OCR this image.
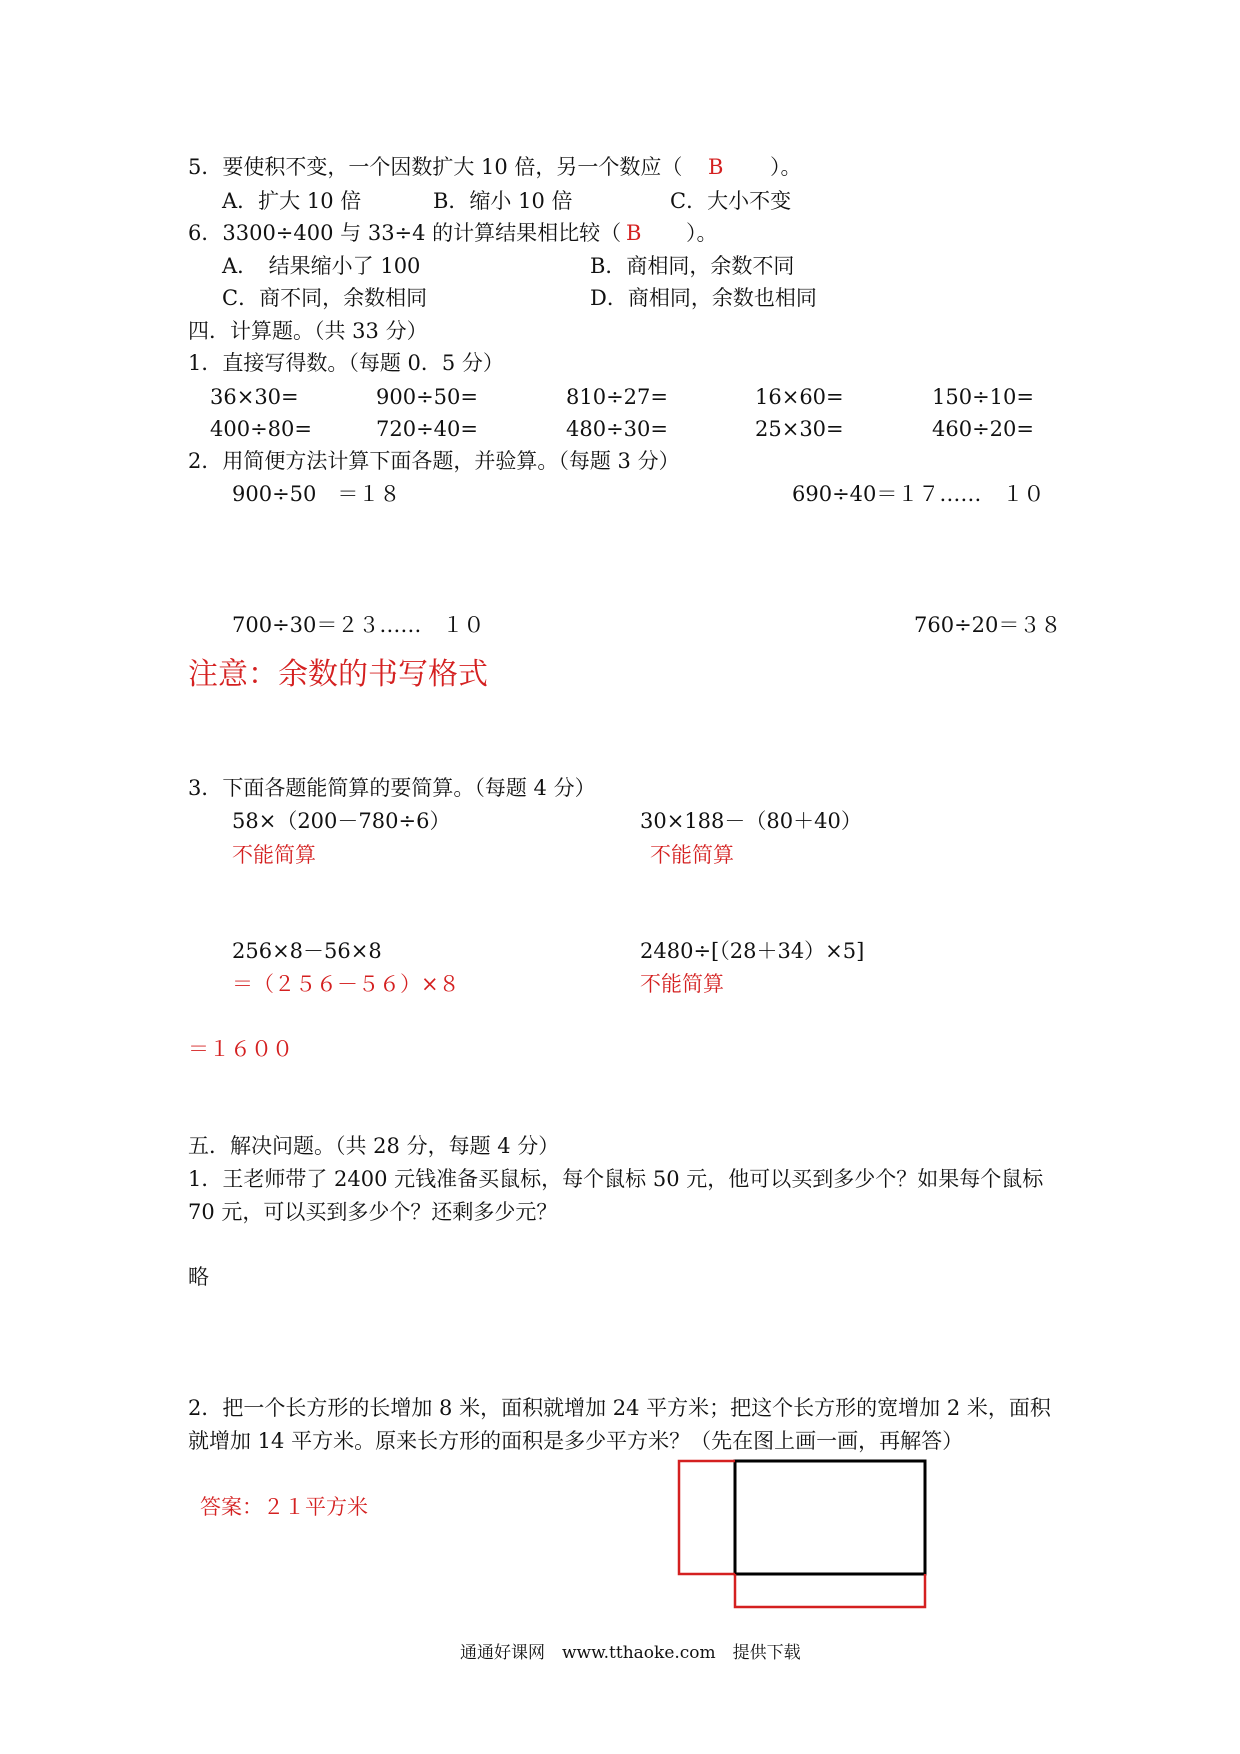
5．要使积不变，一个因数扩大 10 倍，另一个数应（ B ）。
A．扩大 10 倍	B．缩小 10 倍	C．大小不变
6．3300÷400 与 33÷4 的计算结果相比较（ B ）。
A．　结果缩小了 100	B．商相同，余数不同
C．商不同，余数相同	D．商相同，余数也相同
四．计算题。（共 33 分）
1．直接写得数。（每题 0．5 分）
36×30=	900÷50=	810÷27=	16×60=	150÷10=
400÷80=	720÷40=	480÷30=	25×30=	460÷20=
2．用简便方法计算下面各题，并验算。（每题 3 分）
900÷50　＝１８	690÷40＝１７……　１０
700÷30＝２３……　１０	760÷20＝３８
注意：余数的书写格式
3．下面各题能简算的要简算。（每题 4 分）
58×（200－780÷6）
不能简算
30×188－（80＋40）
不能简算
256×8－56×8
＝（２５６－５６）×８
2480÷[（28＋34）×5]
不能简算
＝１６００
五．解决问题。（共 28 分，每题 4 分）
1．王老师带了 2400 元钱准备买鼠标，每个鼠标 50 元，他可以买到多少个？如果每个鼠标
70 元，可以买到多少个？还剩多少元？
略
2．把一个长方形的长增加 8 米，面积就增加 24 平方米；把这个长方形的宽增加 2 米，面积
就增加 14 平方米。原来长方形的面积是多少平方米？（先在图上画一画，再解答）
答案：２１平方米
通通好课网　www.tthaoke.com　提供下载
